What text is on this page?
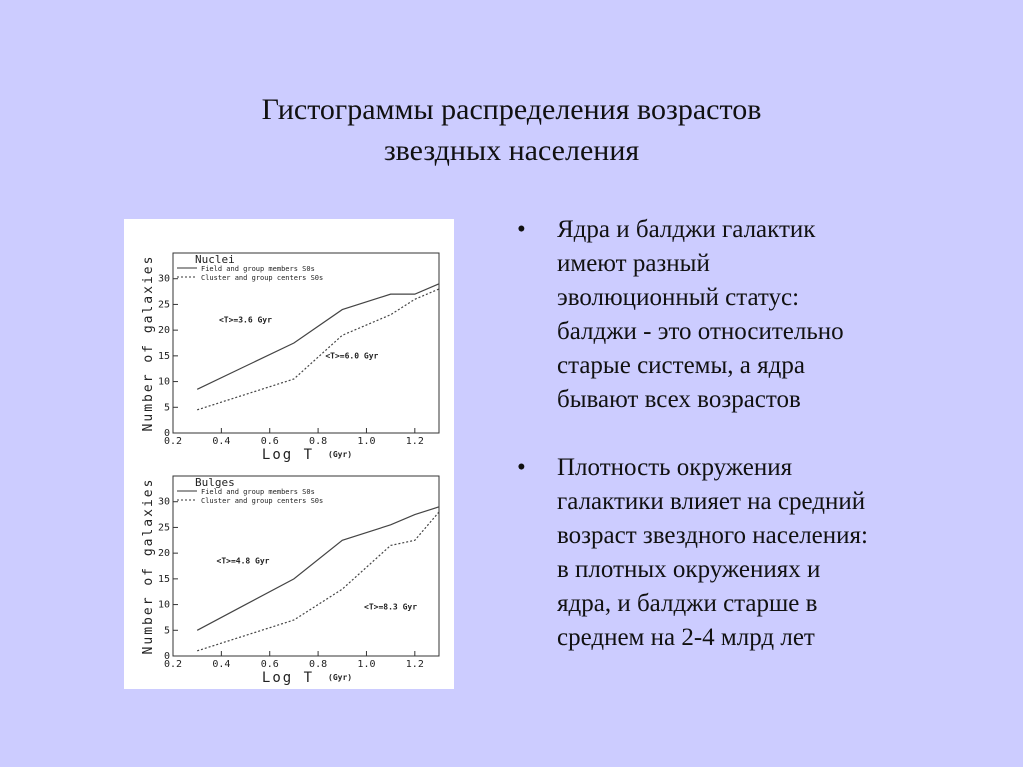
Гистограммы распределения возрастов
звездных населения
0.2	0.4	0.6	0.8	1.0	1.2
0
5
10
15
20
25
30
Log T (Gyr)
Number of galaxies	Nuclei
Field and group members S0s
Cluster and group centers S0s
<T>=3.6 Gyr
<T>=6.0 Gyr
0.2	0.4	0.6	0.8	1.0	1.2
0
5
10
15
20
25
30
Log T (Gyr)
Number of galaxies	Bulges
Field and group members S0s
Cluster and group centers S0s
<T>=4.8 Gyr
<T>=8.3 Gyr
• Ядра и балджи галактик
имеют разный
эволюционный статус:
балджи - это относительно
старые системы, а ядра
бывают всех возрастов
• Плотность окружения
галактики влияет на средний
возраст звездного населения:
в плотных окружениях и
ядра, и балджи старше в
среднем на 2-4 млрд лет
